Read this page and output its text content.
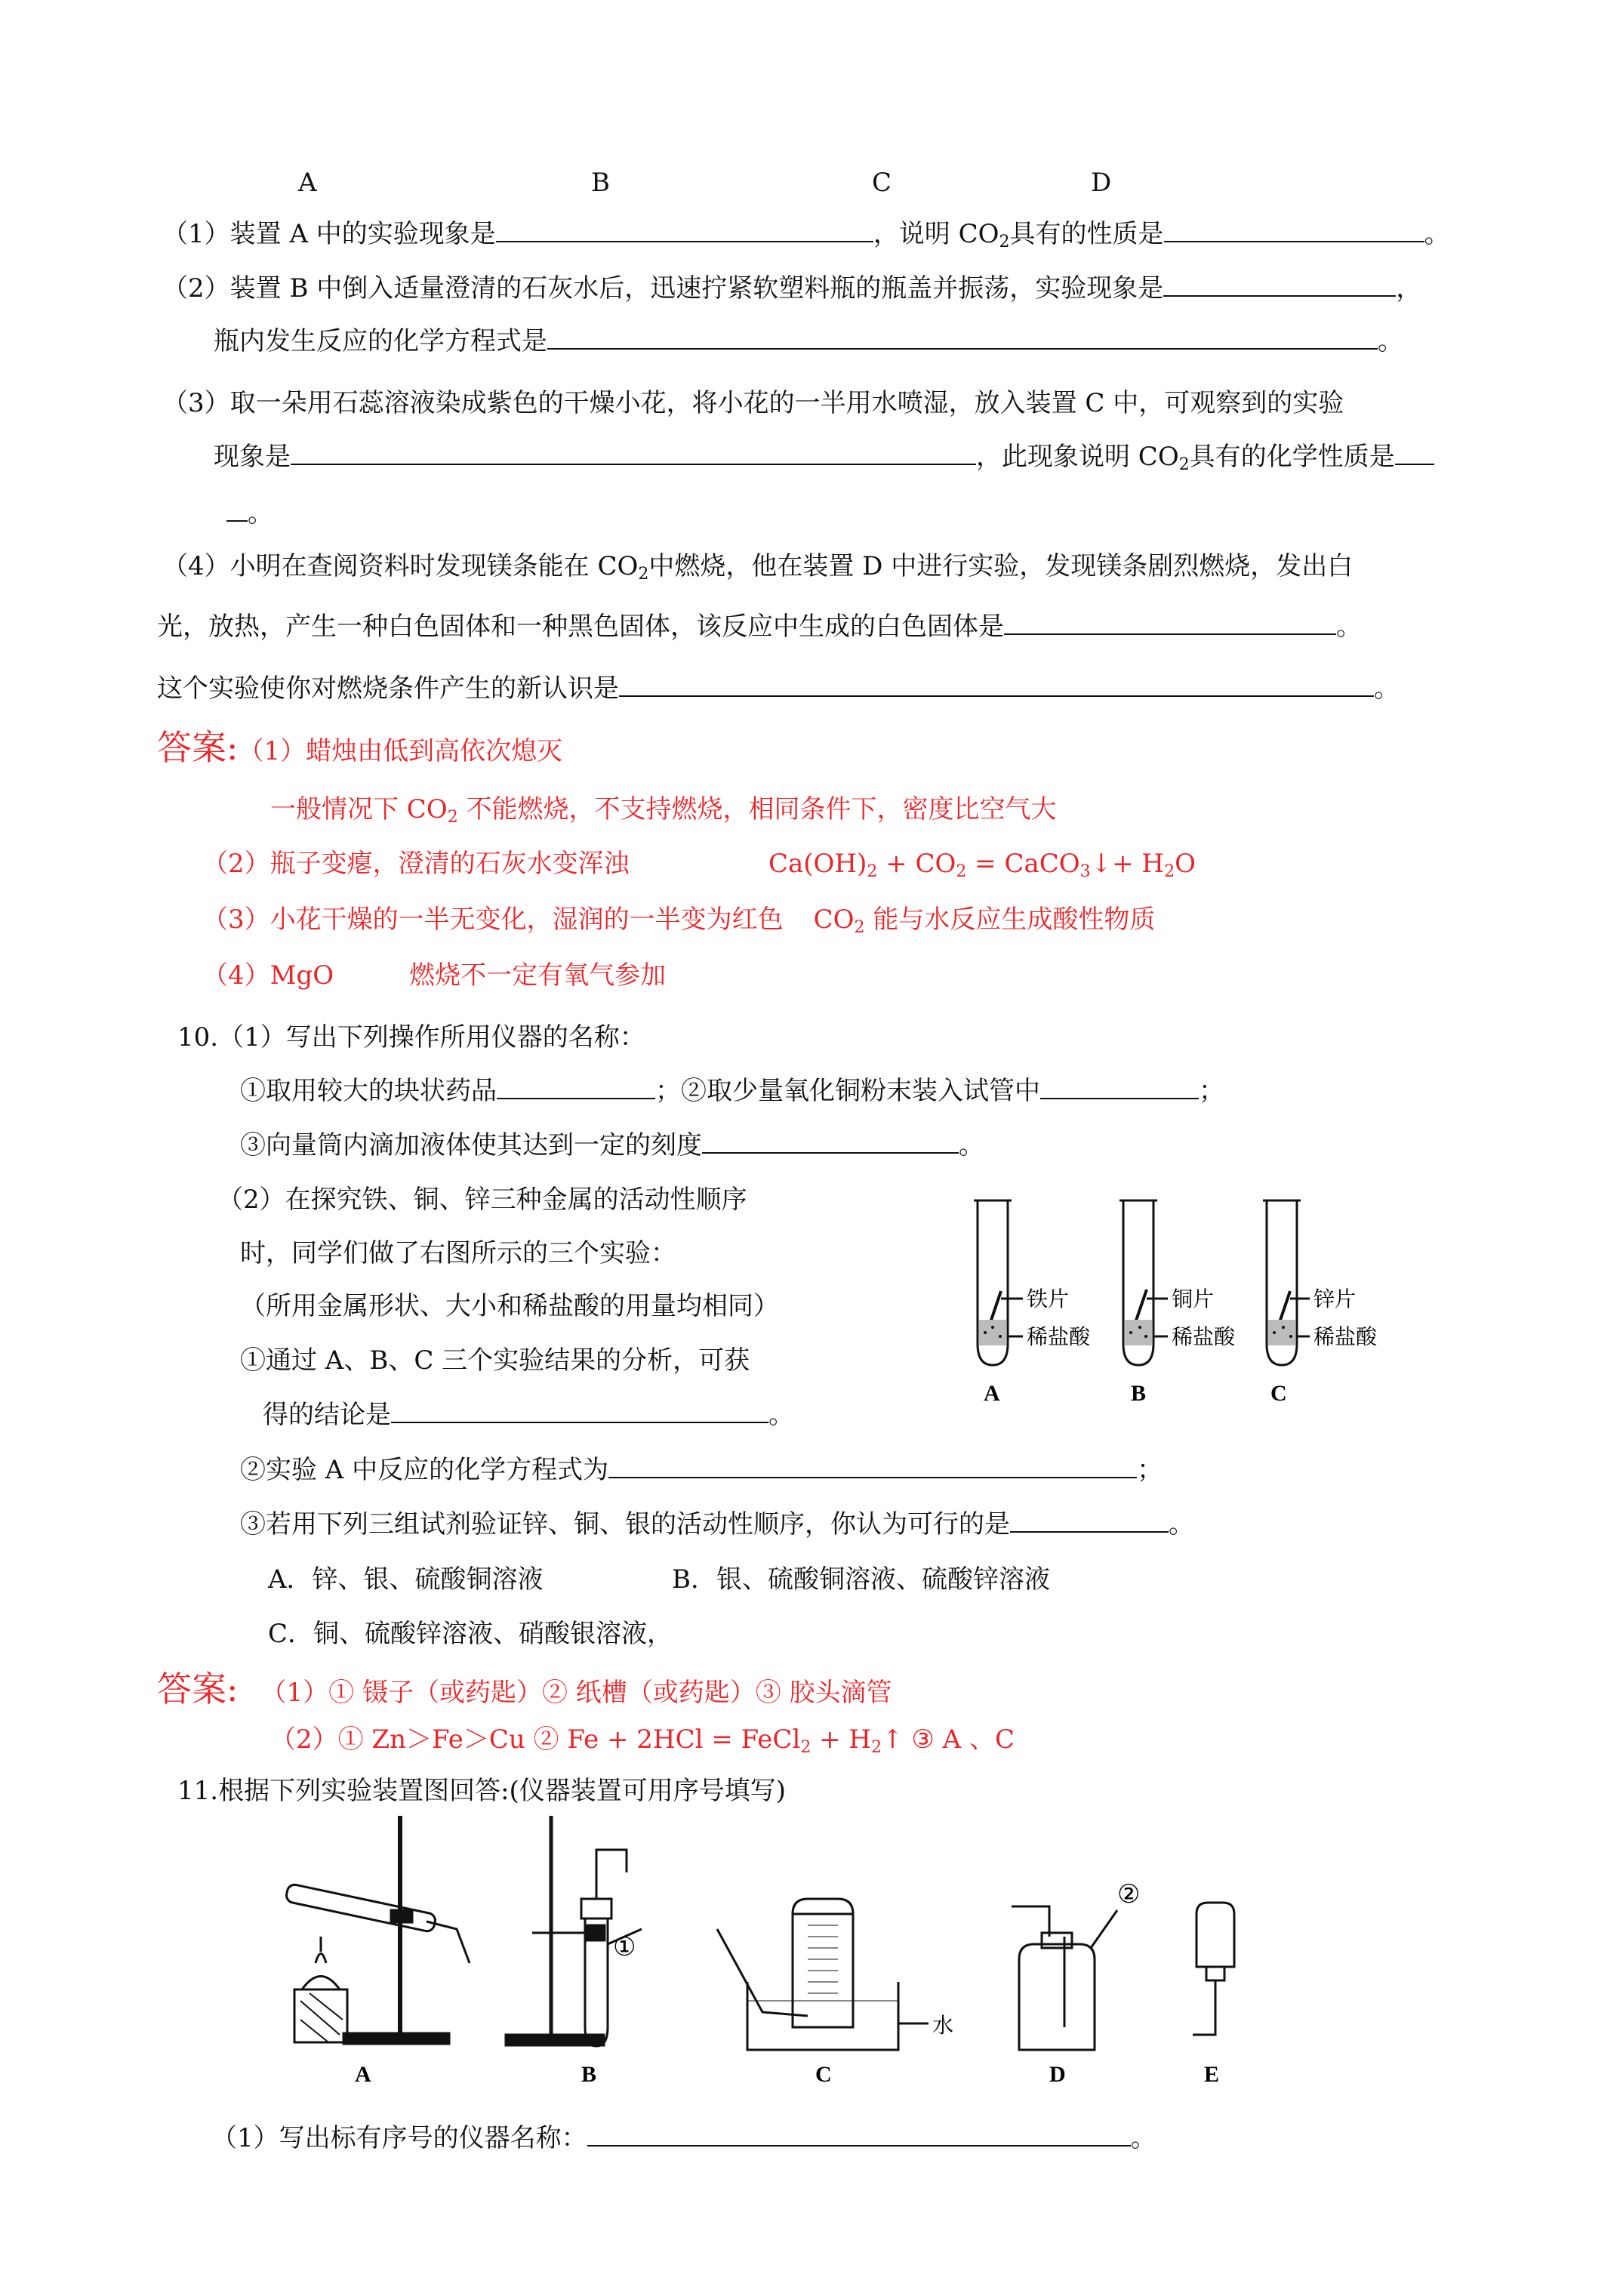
A	B	C	D
（1）装置 A 中的实验现象是	，说明 $CO_2$具有的性质是	。
（2）装置 B 中倒入适量澄清的石灰水后，迅速拧紧软塑料瓶的瓶盖并振荡，实验现象是	，
瓶内发生反应的化学方程式是	。
（3）取一朵用石蕊溶液染成紫色的干燥小花，将小花的一半用水喷湿，放入装置 C 中，可观察到的实验
现象是	，此现象说明 $CO_2$具有的化学性质是
。
（4）小明在查阅资料时发现镁条能在 $CO_2$中燃烧，他在装置 D 中进行实验，发现镁条剧烈燃烧，发出白
光，放热，产生一种白色固体和一种黑色固体，该反应中生成的白色固体是	。
这个实验使你对燃烧条件产生的新认识是	。
答案:（1）蜡烛由低到高依次熄灭
一般情况下 $CO_2$ 不能燃烧，不支持燃烧，相同条件下，密度比空气大
（2）瓶子变瘪，澄清的石灰水变浑浊	$Ca(OH)_2 + CO_2$ = CaCO$_3$↓+ $H_2O$
（3）小花干燥的一半无变化，湿润的一半变为红色 $CO_2$ 能与水反应生成酸性物质
（4）MgO	燃烧不一定有氧气参加
10.（1）写出下列操作所用仪器的名称：
①取用较大的块状药品	；②取少量氧化铜粉末装入试管中	；
③向量筒内滴加液体使其达到一定的刻度	。
（2）在探究铁、铜、锌三种金属的活动性顺序
时，同学们做了右图所示的三个实验：
（所用金属形状、大小和稀盐酸的用量均相同）
①通过 A、B、C 三个实验结果的分析，可获
得的结论是	。
②实验 A 中反应的化学方程式为	；
③若用下列三组试剂验证锌、铜、银的活动性顺序，你认为可行的是	。
A．锌、银、硫酸铜溶液	B．银、硫酸铜溶液、硫酸锌溶液
C．铜、硫酸锌溶液、硝酸银溶液，
铁片
稀盐酸
铜片
稀盐酸
锌片
稀盐酸
A	B	C
答案: （1）① 镊子（或药匙）② 纸槽（或药匙）③ 胶头滴管
（2）① Zn＞Fe＞Cu ② Fe + 2HCl = FeCl$_2$ + $H_2↑$ ③ A 、C
11.根据下列实验装置图回答:(仪器装置可用序号填写)
①
②
水
A	B	C	D	E
（1）写出标有序号的仪器名称：	。
